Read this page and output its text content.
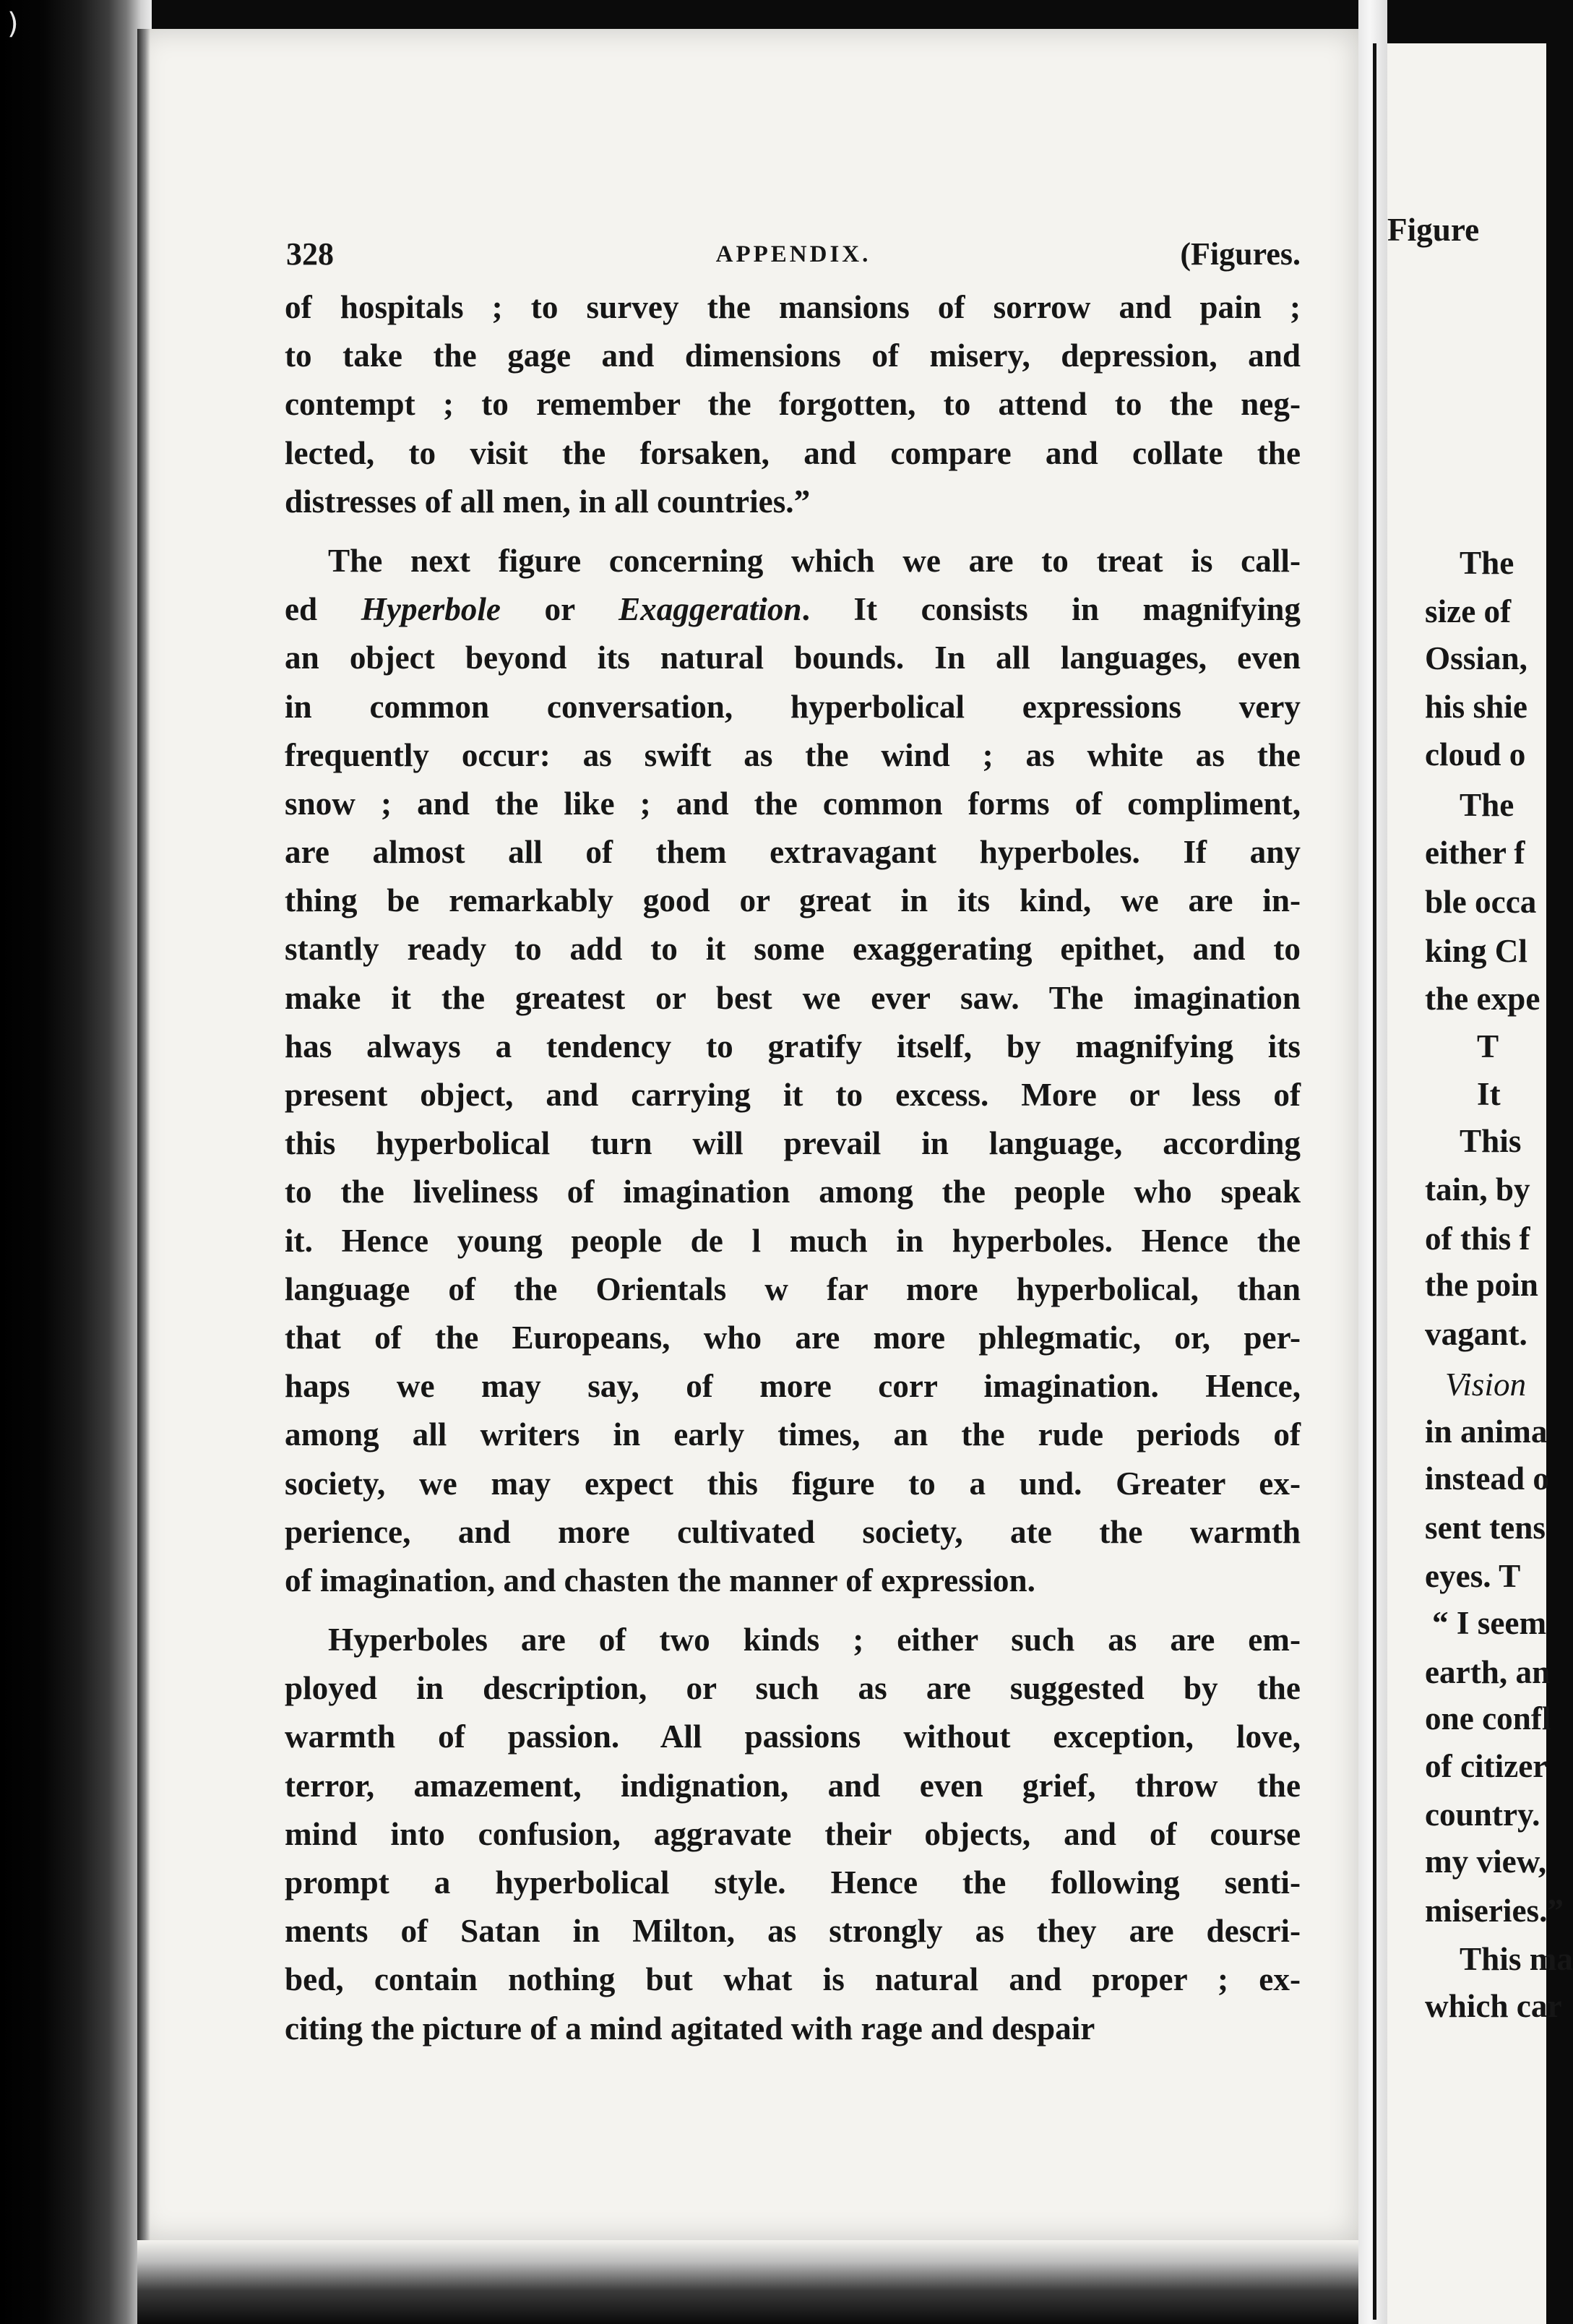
)
328	APPENDIX.	(Figures.
of hospitals ; to survey the mansions of sorrow and pain ;
to take the gage and dimensions of misery, depression, and
contempt ; to remember the forgotten, to attend to the neg-
lected, to visit the forsaken, and compare and collate the
distresses of all men, in all countries.”
The next figure concerning which we are to treat is call-
ed Hyperbole or Exaggeration. It consists in magnifying
an object beyond its natural bounds. In all languages, even
in common conversation, hyperbolical expressions very
frequently occur: as swift as the wind ; as white as the
snow ; and the like ; and the common forms of compliment,
are almost all of them extravagant hyperboles. If any
thing be remarkably good or great in its kind, we are in-
stantly ready to add to it some exaggerating epithet, and to
make it the greatest or best we ever saw. The imagination
has always a tendency to gratify itself, by magnifying its
present object, and carrying it to excess. More or less of
this hyperbolical turn will prevail in language, according
to the liveliness of imagination among the people who speak
it. Hence young people de l much in hyperboles. Hence the
language of the Orientals w far more hyperbolical, than
that of the Europeans, who are more phlegmatic, or, per-
haps we may say, of more corr imagination. Hence,
among all writers in early times, an the rude periods of
society, we may expect this figure to a und. Greater ex-
perience, and more cultivated society, ate the warmth
of imagination, and chasten the manner of expression.
Hyperboles are of two kinds ; either such as are em-
ployed in description, or such as are suggested by the
warmth of passion. All passions without exception, love,
terror, amazement, indignation, and even grief, throw the
mind into confusion, aggravate their objects, and of course
prompt a hyperbolical style. Hence the following senti-
ments of Satan in Milton, as strongly as they are descri-
bed, contain nothing but what is natural and proper ; ex-
citing the picture of a mind agitated with rage and despair
Figure
The
size of
Ossian,
his shie
cloud o
The
either f
ble occa
king Cl
the expe
T
It
This
tain, by
of this f
the poin
vagant.
Vision
in anima
instead o
sent tens
eyes. T
“ I seem
earth, an
one confl
of citizer
country.
my view,
miseries.”
This ma
which car
